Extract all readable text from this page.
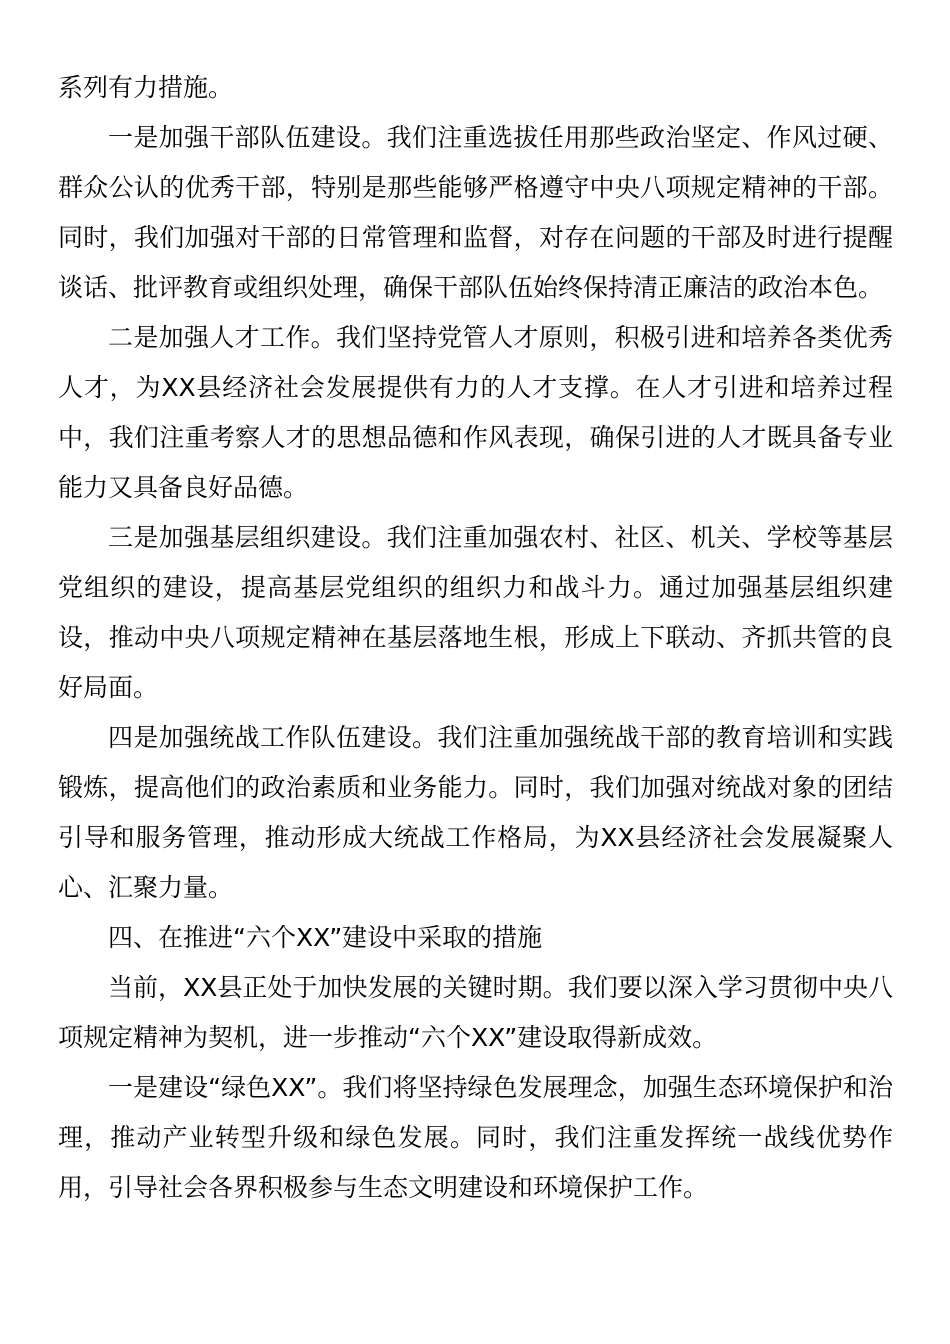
系列有力措施。

一是加强干部队伍建设。我们注重选拔任用那些政治坚定、作风过硬、群众公认的优秀干部，特别是那些能够严格遵守中央八项规定精神的干部。同时，我们加强对干部的日常管理和监督，对存在问题的干部及时进行提醒谈话、批评教育或组织处理，确保干部队伍始终保持清正廉洁的政治本色。

二是加强人才工作。我们坚持党管人才原则，积极引进和培养各类优秀人才，为XX县经济社会发展提供有力的人才支撑。在人才引进和培养过程中，我们注重考察人才的思想品德和作风表现，确保引进的人才既具备专业能力又具备良好品德。

三是加强基层组织建设。我们注重加强农村、社区、机关、学校等基层党组织的建设，提高基层党组织的组织力和战斗力。通过加强基层组织建设，推动中央八项规定精神在基层落地生根，形成上下联动、齐抓共管的良好局面。

四是加强统战工作队伍建设。我们注重加强统战干部的教育培训和实践锻炼，提高他们的政治素质和业务能力。同时，我们加强对统战对象的团结引导和服务管理，推动形成大统战工作格局，为XX县经济社会发展凝聚人心、汇聚力量。

四、在推进“六个XX”建设中采取的措施

当前，XX县正处于加快发展的关键时期。我们要以深入学习贯彻中央八项规定精神为契机，进一步推动“六个XX”建设取得新成效。

一是建设“绿色XX”。我们将坚持绿色发展理念，加强生态环境保护和治理，推动产业转型升级和绿色发展。同时，我们注重发挥统一战线优势作用，引导社会各界积极参与生态文明建设和环境保护工作。
